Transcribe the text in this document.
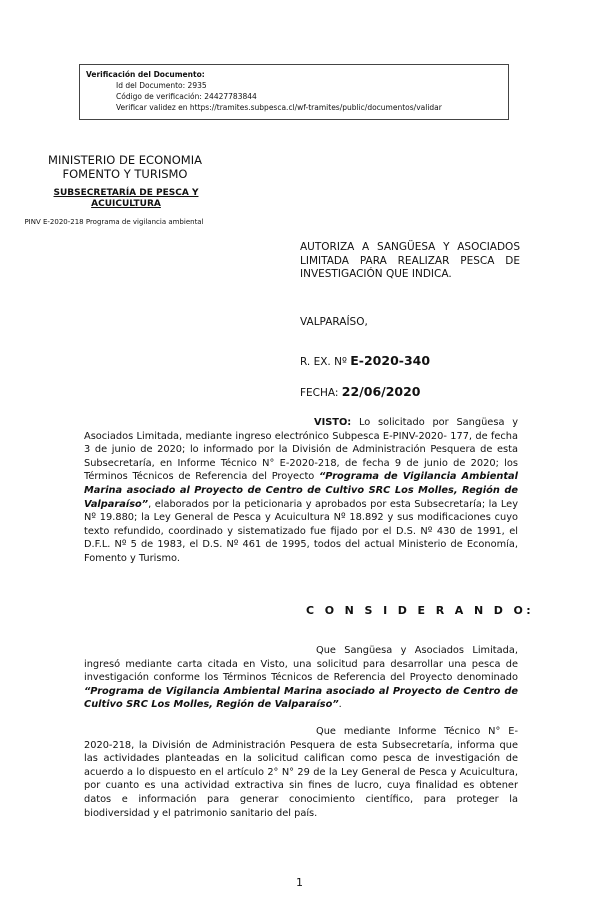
Verificación del Documento:
• Id del Documento: 2935
• Código de verificación: 24427783844
• Verificar validez en https://tramites.subpesca.cl/wf-tramites/public/documentos/validar
MINISTERIO DE ECONOMIA
FOMENTO Y TURISMO
SUBSECRETARÍA DE PESCA Y ACUICULTURA
PINV E-2020-218 Programa de vigilancia ambiental
AUTORIZA A SANGÜESA Y ASOCIADOS LIMITADA PARA REALIZAR PESCA DE INVESTIGACIÓN QUE INDICA.
VALPARAÍSO,
R. EX. Nº E-2020-340
FECHA: 22/06/2020

VISTO: Lo solicitado por Sangüesa y Asociados Limitada, mediante ingreso electrónico Subpesca E-PINV-2020- 177, de fecha 3 de junio de 2020; lo informado por la División de Administración Pesquera de esta Subsecretaría, en Informe Técnico N° E-2020-218, de fecha 9 de junio de 2020; los Términos Técnicos de Referencia del Proyecto “Programa de Vigilancia Ambiental Marina asociado al Proyecto de Centro de Cultivo SRC Los Molles, Región de Valparaíso”, elaborados por la peticionaria y aprobados por esta Subsecretaría; la Ley Nº 19.880; la Ley General de Pesca y Acuicultura Nº 18.892 y sus modificaciones cuyo texto refundido, coordinado y sistematizado fue fijado por el D.S. Nº 430 de 1991, el D.F.L. Nº 5 de 1983, el D.S. Nº 461 de 1995, todos del actual Ministerio de Economía, Fomento y Turismo.

C O N S I D E R A N D O:

Que Sangüesa y Asociados Limitada, ingresó mediante carta citada en Visto, una solicitud para desarrollar una pesca de investigación conforme los Términos Técnicos de Referencia del Proyecto denominado “Programa de Vigilancia Ambiental Marina asociado al Proyecto de Centro de Cultivo SRC Los Molles, Región de Valparaíso”.

Que mediante Informe Técnico N° E-2020-218, la División de Administración Pesquera de esta Subsecretaría, informa que las actividades planteadas en la solicitud califican como pesca de investigación de acuerdo a lo dispuesto en el artículo 2° N° 29 de la Ley General de Pesca y Acuicultura, por cuanto es una actividad extractiva sin fines de lucro, cuya finalidad es obtener datos e información para generar conocimiento científico, para proteger la biodiversidad y el patrimonio sanitario del país.

1
